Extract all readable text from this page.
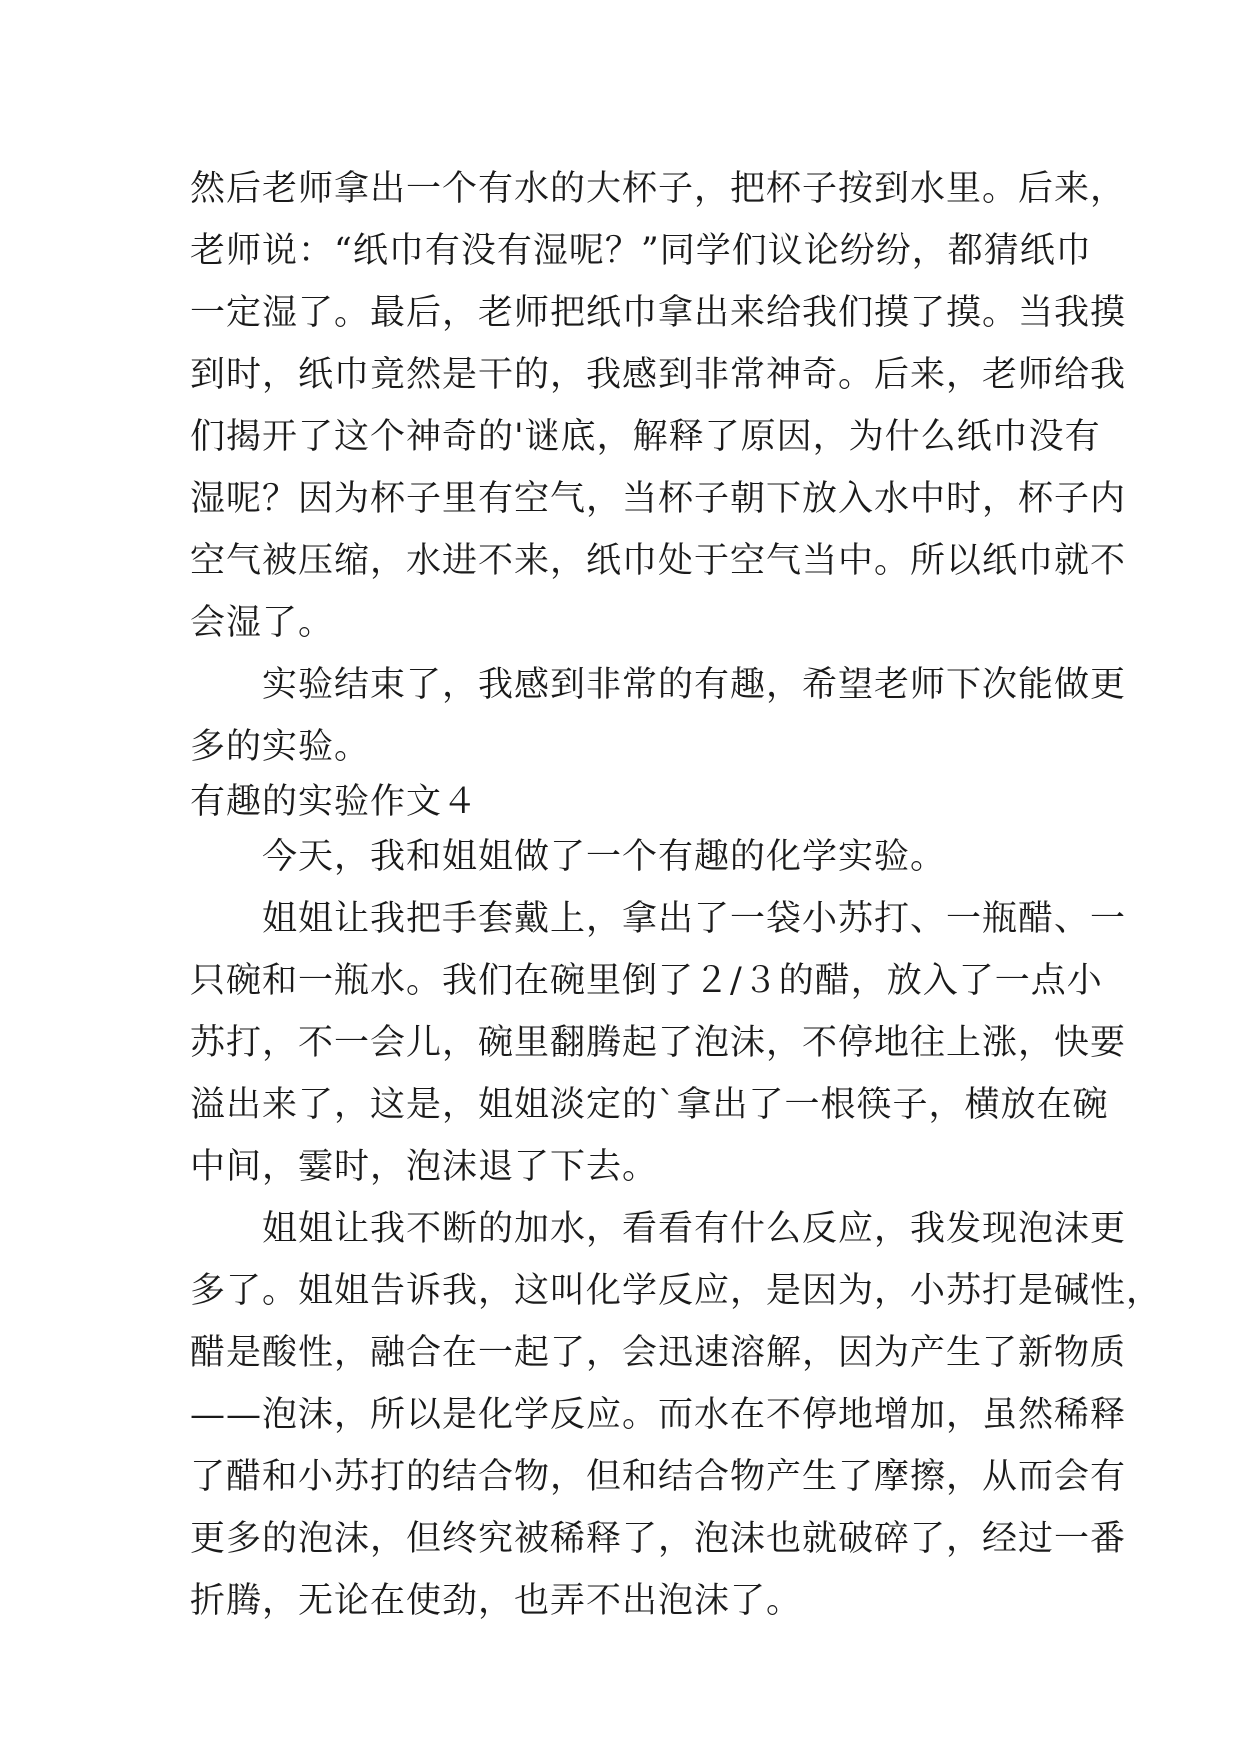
然后老师拿出一个有水的大杯子，把杯子按到水里。后来，
老师说：“纸巾有没有湿呢？”同学们议论纷纷，都猜纸巾
一定湿了。最后，老师把纸巾拿出来给我们摸了摸。当我摸
到时，纸巾竟然是干的，我感到非常神奇。后来，老师给我
们揭开了这个神奇的'谜底，解释了原因，为什么纸巾没有
湿呢？因为杯子里有空气，当杯子朝下放入水中时，杯子内
空气被压缩，水进不来，纸巾处于空气当中。所以纸巾就不
会湿了。
　　实验结束了，我感到非常的有趣，希望老师下次能做更
多的实验。
有趣的实验作文４
　　今天，我和姐姐做了一个有趣的化学实验。
　　姐姐让我把手套戴上，拿出了一袋小苏打、一瓶醋、一
只碗和一瓶水。我们在碗里倒了２/３的醋，放入了一点小
苏打，不一会儿，碗里翻腾起了泡沫，不停地往上涨，快要
溢出来了，这是，姐姐淡定的`拿出了一根筷子，横放在碗
中间，霎时，泡沫退了下去。
　　姐姐让我不断的加水，看看有什么反应，我发现泡沫更
多了。姐姐告诉我，这叫化学反应，是因为，小苏打是碱性，
醋是酸性，融合在一起了，会迅速溶解，因为产生了新物质
——泡沫，所以是化学反应。而水在不停地增加，虽然稀释
了醋和小苏打的结合物，但和结合物产生了摩擦，从而会有
更多的泡沫，但终究被稀释了，泡沫也就破碎了，经过一番
折腾，无论在使劲，也弄不出泡沫了。
